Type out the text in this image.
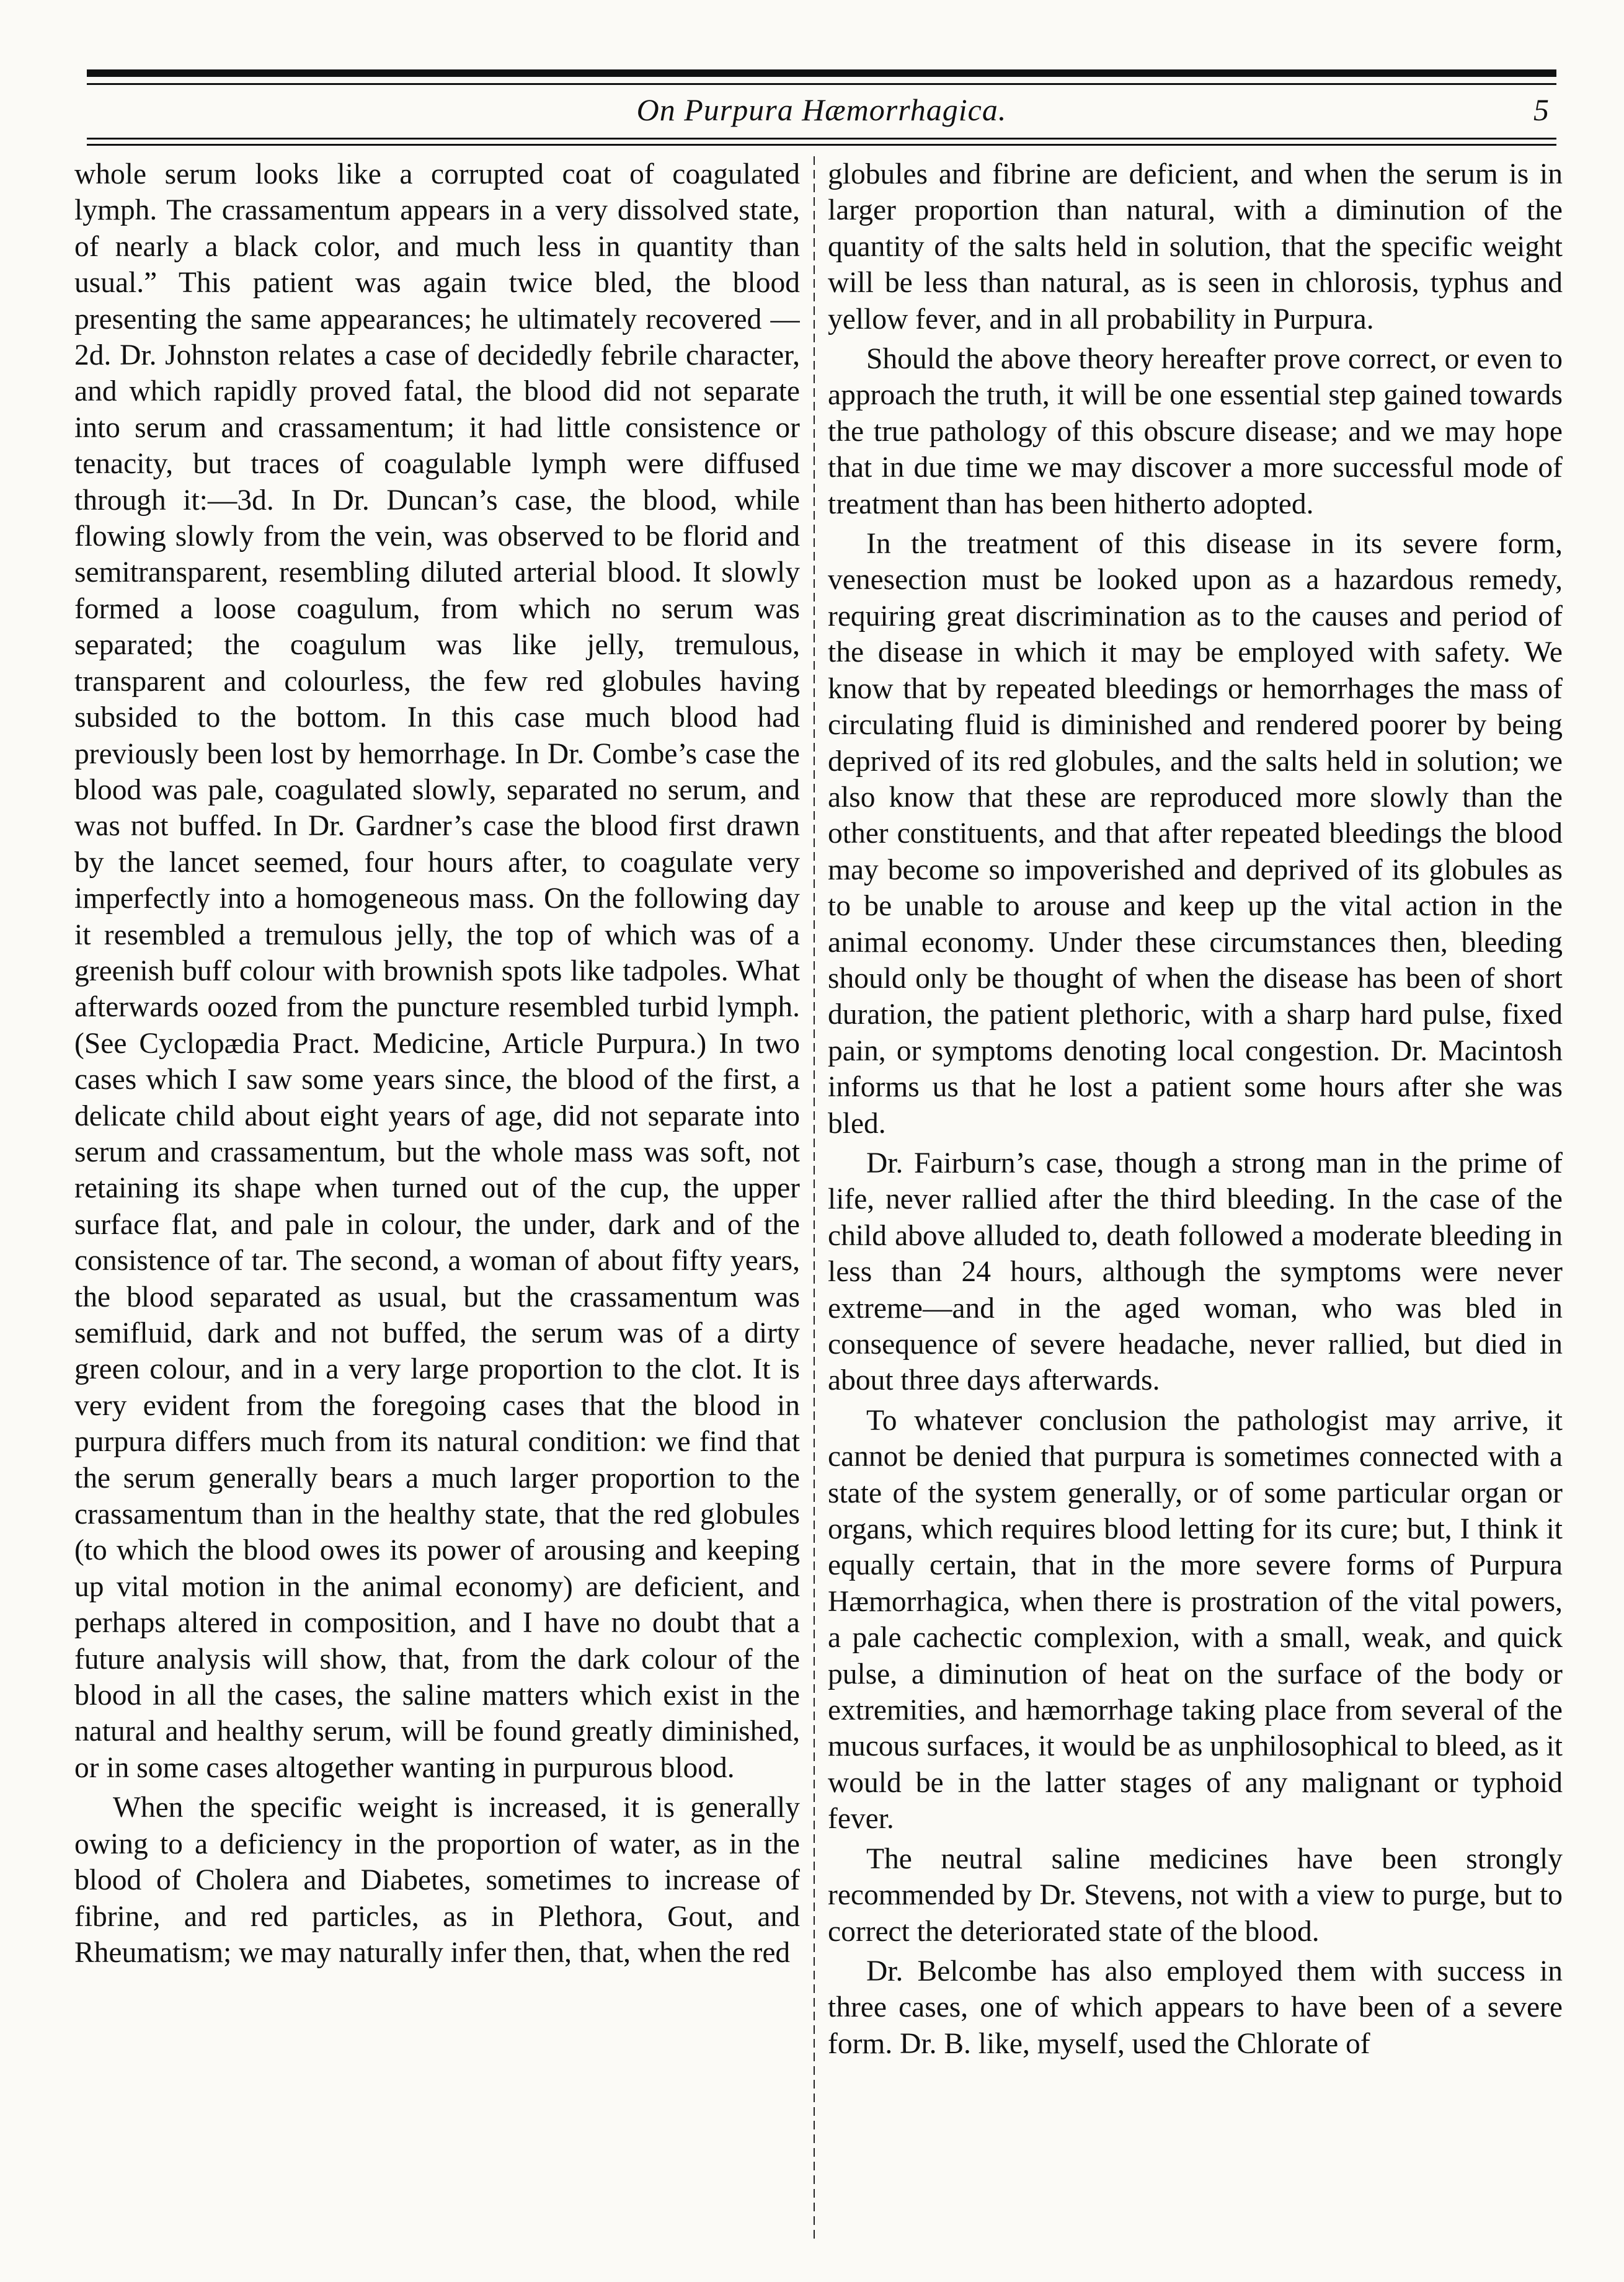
On Purpura Hæmorrhagica.	5

whole serum looks like a corrupted coat of coagulated lymph. The crassamentum appears in a very dissolved state, of nearly a black color, and much less in quantity than usual.” This patient was again twice bled, the blood presenting the same appearances; he ultimately recovered —2d. Dr. Johnston relates a case of decidedly febrile character, and which rapidly proved fatal, the blood did not separate into serum and crassamentum; it had little consistence or tenacity, but traces of coagulable lymph were diffused through it:—3d. In Dr. Duncan’s case, the blood, while flowing slowly from the vein, was observed to be florid and semitransparent, resembling diluted arterial blood. It slowly formed a loose coagulum, from which no serum was separated; the coagulum was like jelly, tremulous, transparent and colourless, the few red globules having subsided to the bottom. In this case much blood had previously been lost by hemorrhage. In Dr. Combe’s case the blood was pale, coagulated slowly, separated no serum, and was not buffed. In Dr. Gardner’s case the blood first drawn by the lancet seemed, four hours after, to coagulate very imperfectly into a homogeneous mass. On the following day it resembled a tremulous jelly, the top of which was of a greenish buff colour with brownish spots like tadpoles. What afterwards oozed from the puncture resembled turbid lymph. (See Cyclopædia Pract. Medicine, Article Purpura.) In two cases which I saw some years since, the blood of the first, a delicate child about eight years of age, did not separate into serum and crassamentum, but the whole mass was soft, not retaining its shape when turned out of the cup, the upper surface flat, and pale in colour, the under, dark and of the consistence of tar. The second, a woman of about fifty years, the blood separated as usual, but the crassamentum was semifluid, dark and not buffed, the serum was of a dirty green colour, and in a very large proportion to the clot. It is very evident from the foregoing cases that the blood in purpura differs much from its natural condition: we find that the serum generally bears a much larger proportion to the crassamentum than in the healthy state, that the red globules (to which the blood owes its power of arousing and keeping up vital motion in the animal economy) are deficient, and perhaps altered in composition, and I have no doubt that a future analysis will show, that, from the dark colour of the blood in all the cases, the saline matters which exist in the natural and healthy serum, will be found greatly diminished, or in some cases altogether wanting in purpurous blood.

When the specific weight is increased, it is generally owing to a deficiency in the proportion of water, as in the blood of Cholera and Diabetes, sometimes to increase of fibrine, and red particles, as in Plethora, Gout, and Rheumatism; we may naturally infer then, that, when the red

globules and fibrine are deficient, and when the serum is in larger proportion than natural, with a diminution of the quantity of the salts held in solution, that the specific weight will be less than natural, as is seen in chlorosis, typhus and yellow fever, and in all probability in Purpura.

Should the above theory hereafter prove correct, or even to approach the truth, it will be one essential step gained towards the true pathology of this obscure disease; and we may hope that in due time we may discover a more successful mode of treatment than has been hitherto adopted.

In the treatment of this disease in its severe form, venesection must be looked upon as a hazardous remedy, requiring great discrimination as to the causes and period of the disease in which it may be employed with safety. We know that by repeated bleedings or hemorrhages the mass of circulating fluid is diminished and rendered poorer by being deprived of its red globules, and the salts held in solution; we also know that these are reproduced more slowly than the other constituents, and that after repeated bleedings the blood may become so impoverished and deprived of its globules as to be unable to arouse and keep up the vital action in the animal economy. Under these circumstances then, bleeding should only be thought of when the disease has been of short duration, the patient plethoric, with a sharp hard pulse, fixed pain, or symptoms denoting local congestion. Dr. Macintosh informs us that he lost a patient some hours after she was bled.

Dr. Fairburn’s case, though a strong man in the prime of life, never rallied after the third bleeding. In the case of the child above alluded to, death followed a moderate bleeding in less than 24 hours, although the symptoms were never extreme—and in the aged woman, who was bled in consequence of severe headache, never rallied, but died in about three days afterwards.

To whatever conclusion the pathologist may arrive, it cannot be denied that purpura is sometimes connected with a state of the system generally, or of some particular organ or organs, which requires blood letting for its cure; but, I think it equally certain, that in the more severe forms of Purpura Hæmorrhagica, when there is prostration of the vital powers, a pale cachectic complexion, with a small, weak, and quick pulse, a diminution of heat on the surface of the body or extremities, and hæmorrhage taking place from several of the mucous surfaces, it would be as unphilosophical to bleed, as it would be in the latter stages of any malignant or typhoid fever.

The neutral saline medicines have been strongly recommended by Dr. Stevens, not with a view to purge, but to correct the deteriorated state of the blood.

Dr. Belcombe has also employed them with success in three cases, one of which appears to have been of a severe form. Dr. B. like, myself, used the Chlorate of
